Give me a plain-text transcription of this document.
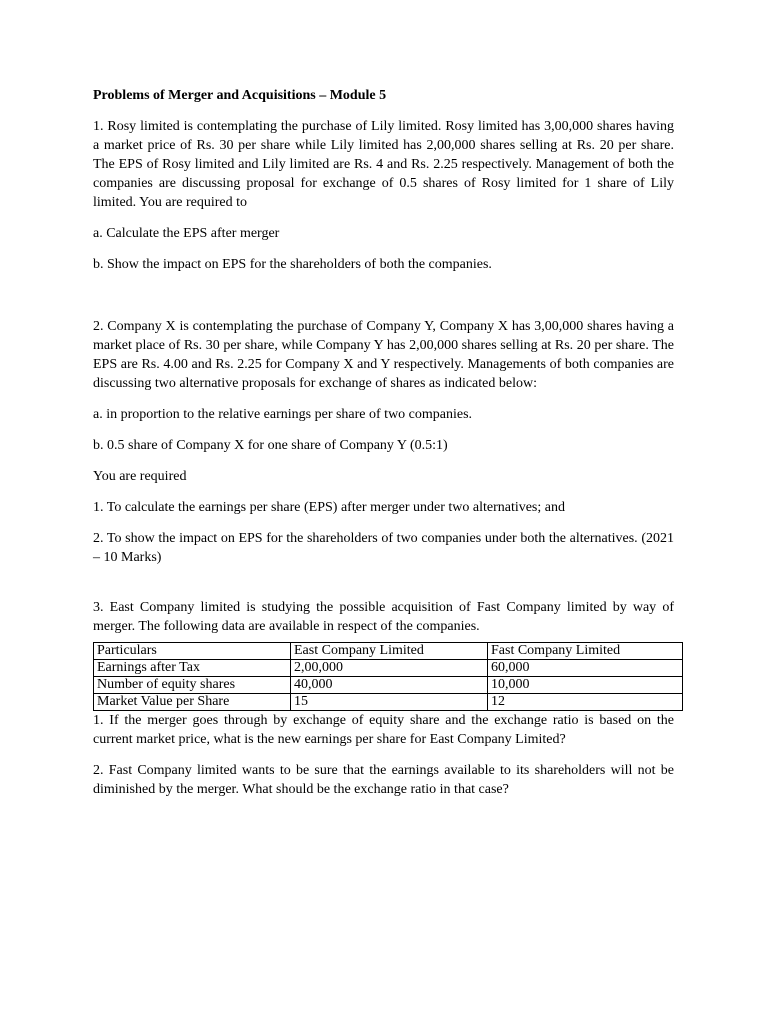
Problems of Merger and Acquisitions – Module 5

1. Rosy limited is contemplating the purchase of Lily limited. Rosy limited has 3,00,000 shares having a market price of Rs. 30 per share while Lily limited has 2,00,000 shares selling at Rs. 20 per share. The EPS of Rosy limited and Lily limited are Rs. 4 and Rs. 2.25 respectively. Management of both the companies are discussing proposal for exchange of 0.5 shares of Rosy limited for 1 share of Lily limited. You are required to

a. Calculate the EPS after merger

b. Show the impact on EPS for the shareholders of both the companies.

2. Company X is contemplating the purchase of Company Y, Company X has 3,00,000 shares having a market place of Rs. 30 per share, while Company Y has 2,00,000 shares selling at Rs. 20 per share. The EPS are Rs. 4.00 and Rs. 2.25 for Company X and Y respectively. Managements of both companies are discussing two alternative proposals for exchange of shares as indicated below:

a. in proportion to the relative earnings per share of two companies.

b. 0.5 share of Company X for one share of Company Y (0.5:1)

You are required

1. To calculate the earnings per share (EPS) after merger under two alternatives; and

2. To show the impact on EPS for the shareholders of two companies under both the alternatives. (2021 – 10 Marks)

3. East Company limited is studying the possible acquisition of Fast Company limited by way of merger. The following data are available in respect of the companies.

Particulars	East Company Limited	Fast Company Limited
Earnings after Tax	2,00,000	60,000
Number of equity shares	40,000	10,000
Market Value per Share	15	12

1. If the merger goes through by exchange of equity share and the exchange ratio is based on the current market price, what is the new earnings per share for East Company Limited?

2. Fast Company limited wants to be sure that the earnings available to its shareholders will not be diminished by the merger. What should be the exchange ratio in that case?
